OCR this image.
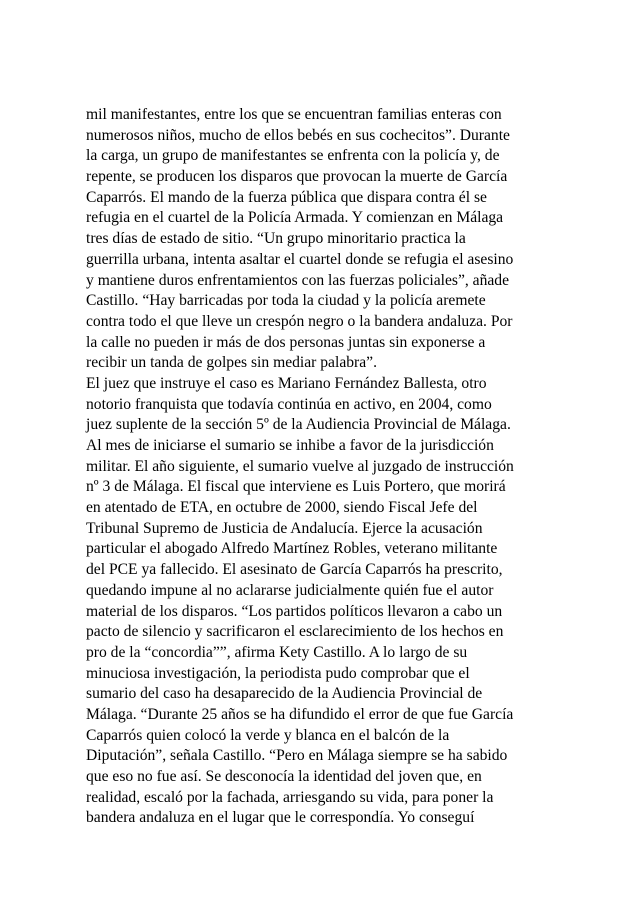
mil manifestantes, entre los que se encuentran familias enteras con
numerosos niños, mucho de ellos bebés en sus cochecitos”. Durante
la carga, un grupo de manifestantes se enfrenta con la policía y, de
repente, se producen los disparos que provocan la muerte de García
Caparrós. El mando de la fuerza pública que dispara contra él se
refugia en el cuartel de la Policía Armada. Y comienzan en Málaga
tres días de estado de sitio. “Un grupo minoritario practica la
guerrilla urbana, intenta asaltar el cuartel donde se refugia el asesino
y mantiene duros enfrentamientos con las fuerzas policiales”, añade
Castillo. “Hay barricadas por toda la ciudad y la policía aremete
contra todo el que lleve un crespón negro o la bandera andaluza. Por
la calle no pueden ir más de dos personas juntas sin exponerse a
recibir un tanda de golpes sin mediar palabra”.
El juez que instruye el caso es Mariano Fernández Ballesta, otro
notorio franquista que todavía continúa en activo, en 2004, como
juez suplente de la sección 5º de la Audiencia Provincial de Málaga.
Al mes de iniciarse el sumario se inhibe a favor de la jurisdicción
militar. El año siguiente, el sumario vuelve al juzgado de instrucción
nº 3 de Málaga. El fiscal que interviene es Luis Portero, que morirá
en atentado de ETA, en octubre de 2000, siendo Fiscal Jefe del
Tribunal Supremo de Justicia de Andalucía. Ejerce la acusación
particular el abogado Alfredo Martínez Robles, veterano militante
del PCE ya fallecido. El asesinato de García Caparrós ha prescrito,
quedando impune al no aclararse judicialmente quién fue el autor
material de los disparos. “Los partidos políticos llevaron a cabo un
pacto de silencio y sacrificaron el esclarecimiento de los hechos en
pro de la “concordia””, afirma Kety Castillo. A lo largo de su
minuciosa investigación, la periodista pudo comprobar que el
sumario del caso ha desaparecido de la Audiencia Provincial de
Málaga. “Durante 25 años se ha difundido el error de que fue García
Caparrós quien colocó la verde y blanca en el balcón de la
Diputación”, señala Castillo. “Pero en Málaga siempre se ha sabido
que eso no fue así. Se desconocía la identidad del joven que, en
realidad, escaló por la fachada, arriesgando su vida, para poner la
bandera andaluza en el lugar que le correspondía. Yo conseguí
